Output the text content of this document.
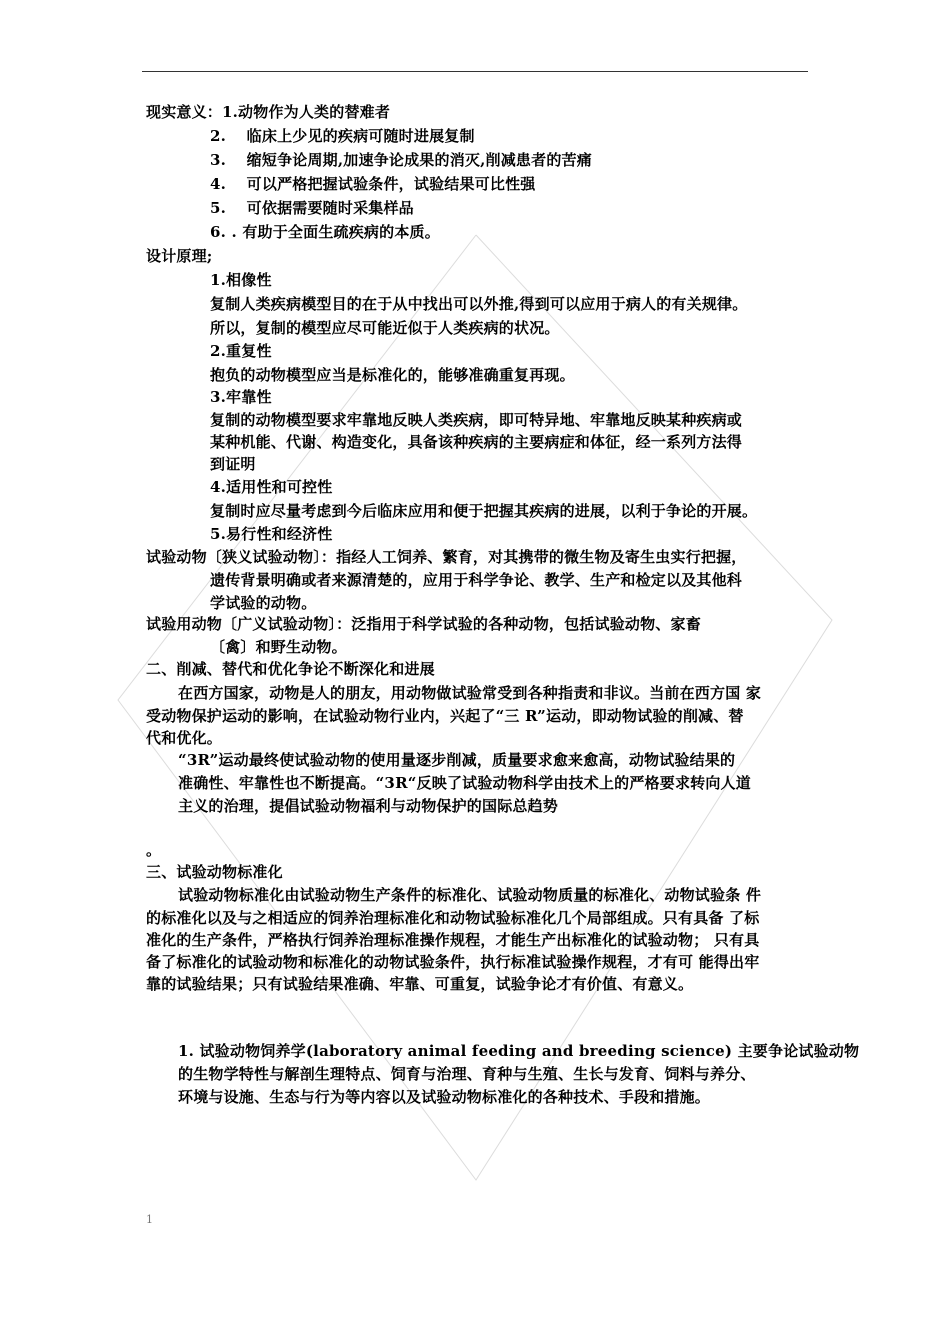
现实意义：1.动物作为人类的替难者
2.　 临床上少见的疾病可随时进展复制
3.　 缩短争论周期,加速争论成果的消灭,削减患者的苦痛
4.　 可以严格把握试验条件，试验结果可比性强
5.　 可依据需要随时采集样品
6. . 有助于全面生疏疾病的本质。
设计原理;
1.相像性
复制人类疾病模型目的在于从中找出可以外推,得到可以应用于病人的有关规律。
所以，复制的模型应尽可能近似于人类疾病的状况。
2.重复性
抱负的动物模型应当是标准化的，能够准确重复再现。
3.牢靠性
复制的动物模型要求牢靠地反映人类疾病，即可特异地、牢靠地反映某种疾病或
某种机能、代谢、构造变化，具备该种疾病的主要病症和体征，经一系列方法得
到证明
4.适用性和可控性
复制时应尽量考虑到今后临床应用和便于把握其疾病的进展，以利于争论的开展。
5.易行性和经济性
试验动物〔狭义试验动物〕：指经人工饲养、繁育，对其携带的微生物及寄生虫实行把握，
遗传背景明确或者来源清楚的，应用于科学争论、教学、生产和检定以及其他科
学试验的动物。
试验用动物〔广义试验动物〕：泛指用于科学试验的各种动物，包括试验动物、家畜
〔禽〕和野生动物。
二、削减、替代和优化争论不断深化和进展
在西方国家，动物是人的朋友，用动物做试验常受到各种指责和非议。当前在西方国 家
受动物保护运动的影响，在试验动物行业内，兴起了“三 R”运动，即动物试验的削减、替
代和优化。
“3R”运动最终使试验动物的使用量逐步削减，质量要求愈来愈高，动物试验结果的
准确性、牢靠性也不断提高。“3R“反映了试验动物科学由技术上的严格要求转向人道
主义的治理，提倡试验动物福利与动物保护的国际总趋势
。
三、试验动物标准化
试验动物标准化由试验动物生产条件的标准化、试验动物质量的标准化、动物试验条 件
的标准化以及与之相适应的饲养治理标准化和动物试验标准化几个局部组成。只有具备 了标
准化的生产条件，严格执行饲养治理标准操作规程，才能生产出标准化的试验动物； 只有具
备了标准化的试验动物和标准化的动物试验条件，执行标准试验操作规程，才有可 能得出牢
靠的试验结果；只有试验结果准确、牢靠、可重复，试验争论才有价值、有意义。
1. 试验动物饲养学(laboratory animal feeding and breeding science) 主要争论试验动物
的生物学特性与解剖生理特点、饲育与治理、育种与生殖、生长与发育、饲料与养分、
环境与设施、生态与行为等内容以及试验动物标准化的各种技术、手段和措施。
1
